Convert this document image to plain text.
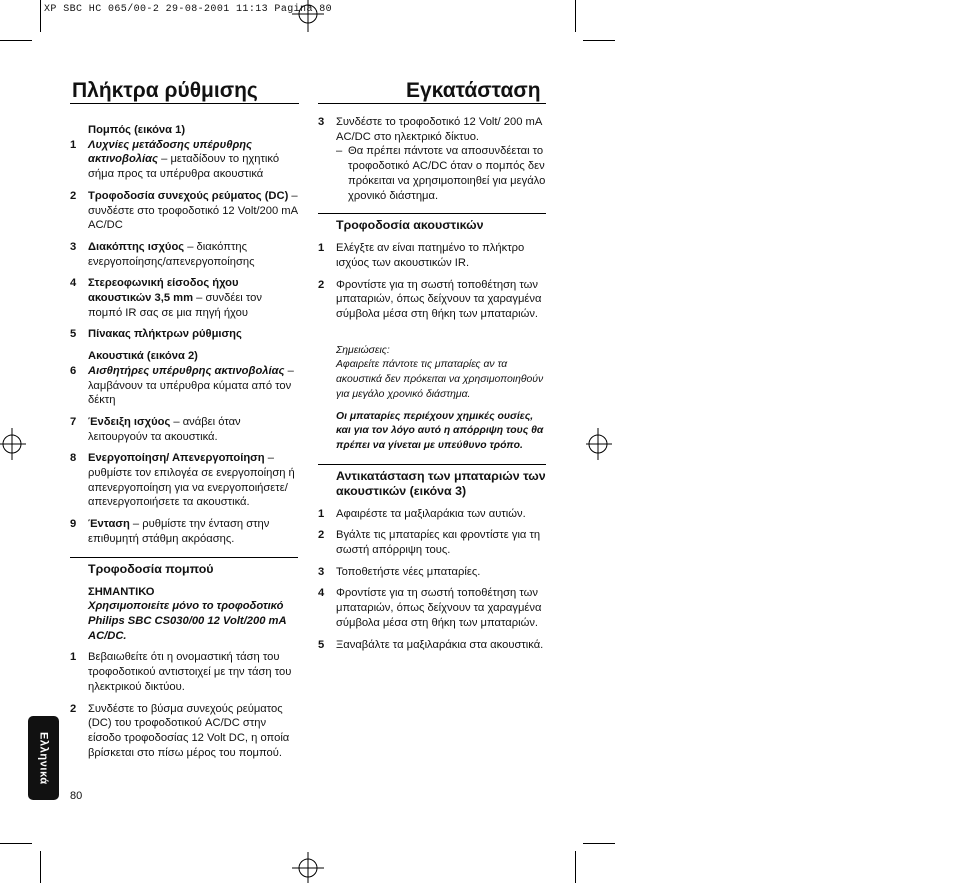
XP SBC HC 065/00-2 29-08-2001 11:13 Pagina 80
Πλήκτρα ρύθμισης	Εγκατάσταση

Πομπός (εικόνα 1)

1 Λυχνίες μετάδοσης υπέρυθρης ακτινοβολίας – μεταδίδουν το ηχητικό σήμα προς τα υπέρυθρα ακουστικά

2 Τροφοδοσία συνεχούς ρεύματος (DC) – συνδέστε στο τροφοδοτικό 12 Volt/200 mA AC/DC

3 Διακόπτης ισχύος – διακόπτης ενεργοποίησης/απενεργοποίησης

4 Στερεοφωνική είσοδος ήχου ακουστικών 3,5 mm – συνδέει τον πομπό IR σας σε μια πηγή ήχου

5 Πίνακας πλήκτρων ρύθμισης

Ακουστικά (εικόνα 2)

6 Αισθητήρες υπέρυθρης ακτινοβολίας – λαμβάνουν τα υπέρυθρα κύματα από τον δέκτη

7 Ένδειξη ισχύος – ανάβει όταν λειτουργούν τα ακουστικά.

8 Ενεργοποίηση/ Απενεργοποίηση – ρυθμίστε τον επιλογέα σε ενεργοποίηση ή απενεργοποίηση για να ενεργοποιήσετε/ απενεργοποιήσετε τα ακουστικά.

9 Ένταση – ρυθμίστε την ένταση στην επιθυμητή στάθμη ακρόασης.

Τροφοδοσία πομπού

ΣΗΜΑΝΤΙΚΟ

Χρησιμοποιείτε μόνο το τροφοδοτικό Philips SBC CS030/00 12 Volt/200 mA AC/DC.

1 Βεβαιωθείτε ότι η ονομαστική τάση του τροφοδοτικού αντιστοιχεί με την τάση του ηλεκτρικού δικτύου.

2 Συνδέστε το βύσμα συνεχούς ρεύματος (DC) του τροφοδοτικού AC/DC στην είσοδο τροφοδοσίας 12 Volt DC, η οποία βρίσκεται στο πίσω μέρος του πομπού.

3 Συνδέστε το τροφοδοτικό 12 Volt/ 200 mA AC/DC στο ηλεκτρικό δίκτυο.

– Θα πρέπει πάντοτε να αποσυνδέεται το τροφοδοτικό AC/DC όταν ο πομπός δεν πρόκειται να χρησιμοποιηθεί για μεγάλο χρονικό διάστημα.

Τροφοδοσία ακουστικών

1 Ελέγξτε αν είναι πατημένο το πλήκτρο ισχύος των ακουστικών IR.

2 Φροντίστε για τη σωστή τοποθέτηση των μπαταριών, όπως δείχνουν τα χαραγμένα σύμβολα μέσα στη θήκη των μπαταριών.

Σημειώσεις:

Αφαιρείτε πάντοτε τις μπαταρίες αν τα ακουστικά δεν πρόκειται να χρησιμοποιηθούν για μεγάλο χρονικό διάστημα.

Οι μπαταρίες περιέχουν χημικές ουσίες, και για τον λόγο αυτό η απόρριψη τους θα πρέπει να γίνεται με υπεύθυνο τρόπο.

Αντικατάσταση των μπαταριών των ακουστικών (εικόνα 3)

1 Αφαιρέστε τα μαξιλαράκια των αυτιών.

2 Βγάλτε τις μπαταρίες και φροντίστε για τη σωστή απόρριψη τους.

3 Τοποθετήστε νέες μπαταρίες.

4 Φροντίστε για τη σωστή τοποθέτηση των μπαταριών, όπως δείχνουν τα χαραγμένα σύμβολα μέσα στη θήκη των μπαταριών.

5 Ξαναβάλτε τα μαξιλαράκια στα ακουστικά.

Ελληνικά
80
